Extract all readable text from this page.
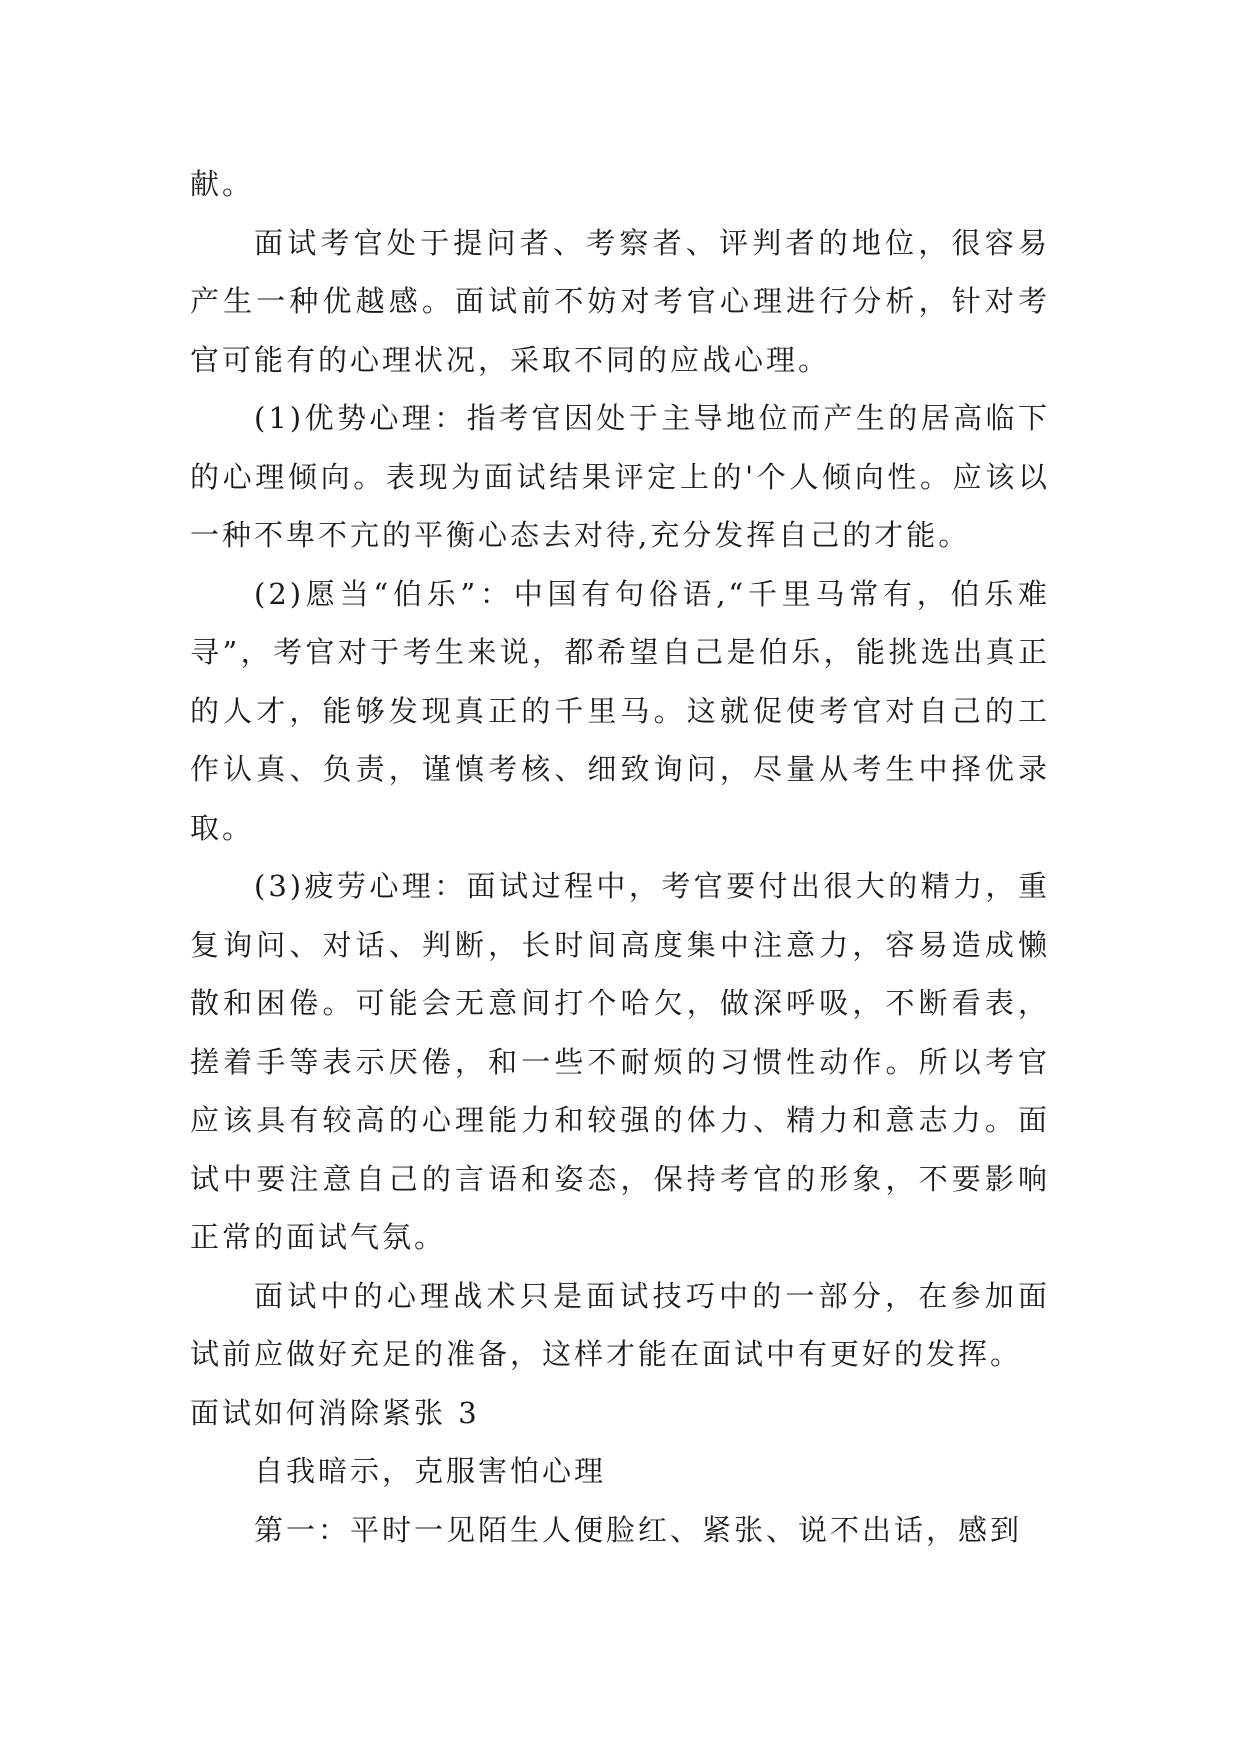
献。

面试考官处于提问者、考察者、评判者的地位，很容易产生一种优越感。面试前不妨对考官心理进行分析，针对考官可能有的心理状况，采取不同的应战心理。

(1)优势心理：指考官因处于主导地位而产生的居高临下的心理倾向。表现为面试结果评定上的'个人倾向性。应该以一种不卑不亢的平衡心态去对待,充分发挥自己的才能。

(2)愿当“伯乐”：中国有句俗语,“千里马常有，伯乐难寻”，考官对于考生来说，都希望自己是伯乐，能挑选出真正的人才，能够发现真正的千里马。这就促使考官对自己的工作认真、负责，谨慎考核、细致询问，尽量从考生中择优录取。

(3)疲劳心理：面试过程中，考官要付出很大的精力，重复询问、对话、判断，长时间高度集中注意力，容易造成懒散和困倦。可能会无意间打个哈欠，做深呼吸，不断看表，搓着手等表示厌倦，和一些不耐烦的习惯性动作。所以考官应该具有较高的心理能力和较强的体力、精力和意志力。面试中要注意自己的言语和姿态，保持考官的形象，不要影响正常的面试气氛。

面试中的心理战术只是面试技巧中的一部分，在参加面试前应做好充足的准备，这样才能在面试中有更好的发挥。

面试如何消除紧张 3

自我暗示，克服害怕心理

第一：平时一见陌生人便脸红、紧张、说不出话，感到
